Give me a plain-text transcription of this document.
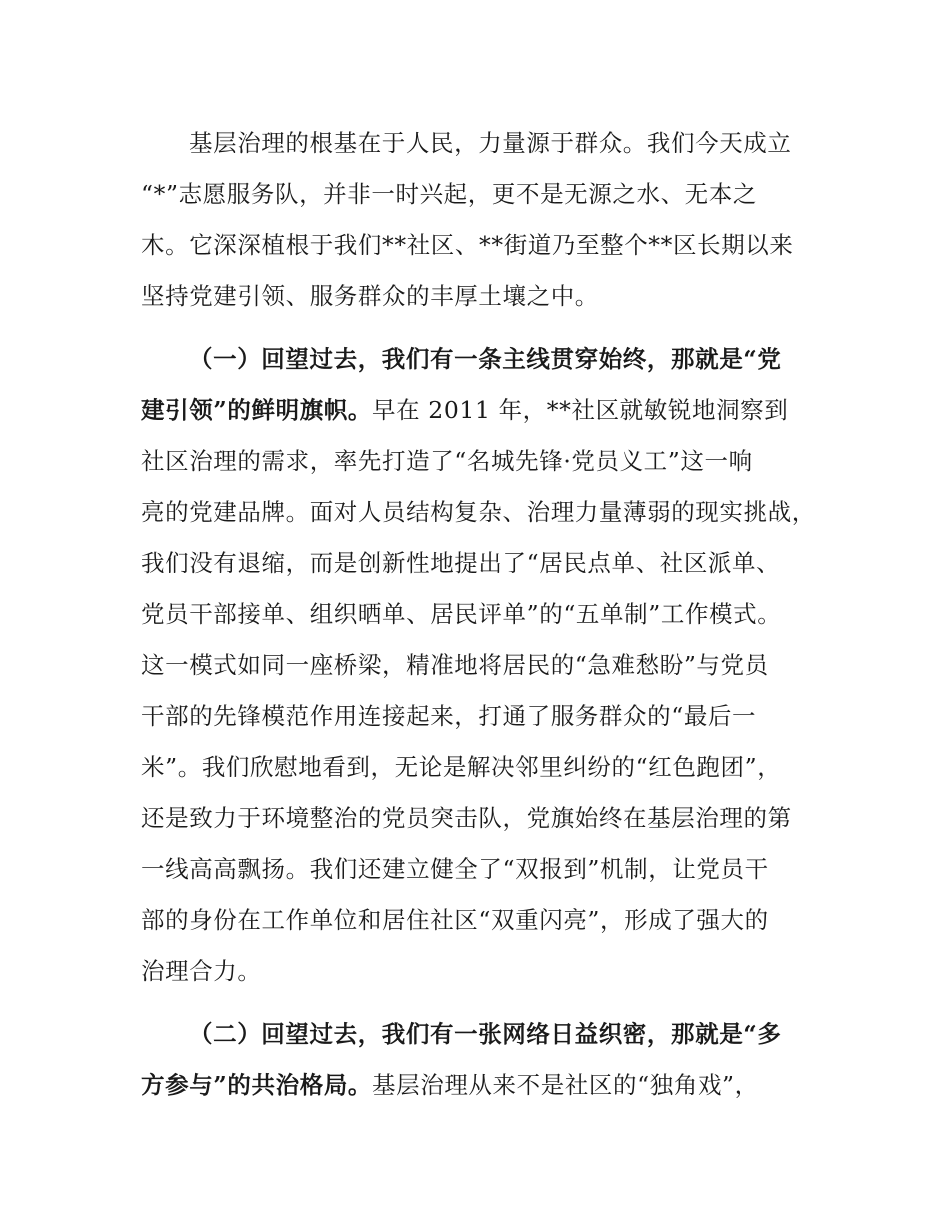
基层治理的根基在于人民，力量源于群众。我们今天成立
“*”志愿服务队，并非一时兴起，更不是无源之水、无本之
木。它深深植根于我们**社区、**街道乃至整个**区长期以来
坚持党建引领、服务群众的丰厚土壤之中。
（一）回望过去，我们有一条主线贯穿始终，那就是“党
建引领”的鲜明旗帜。早在 2011 年，**社区就敏锐地洞察到
社区治理的需求，率先打造了“名城先锋·党员义工”这一响
亮的党建品牌。面对人员结构复杂、治理力量薄弱的现实挑战，
我们没有退缩，而是创新性地提出了“居民点单、社区派单、
党员干部接单、组织晒单、居民评单”的“五单制”工作模式。
这一模式如同一座桥梁，精准地将居民的“急难愁盼”与党员
干部的先锋模范作用连接起来，打通了服务群众的“最后一
米”。我们欣慰地看到，无论是解决邻里纠纷的“红色跑团”，
还是致力于环境整治的党员突击队，党旗始终在基层治理的第
一线高高飘扬。我们还建立健全了“双报到”机制，让党员干
部的身份在工作单位和居住社区“双重闪亮”，形成了强大的
治理合力。
（二）回望过去，我们有一张网络日益织密，那就是“多
方参与”的共治格局。基层治理从来不是社区的“独角戏”，
